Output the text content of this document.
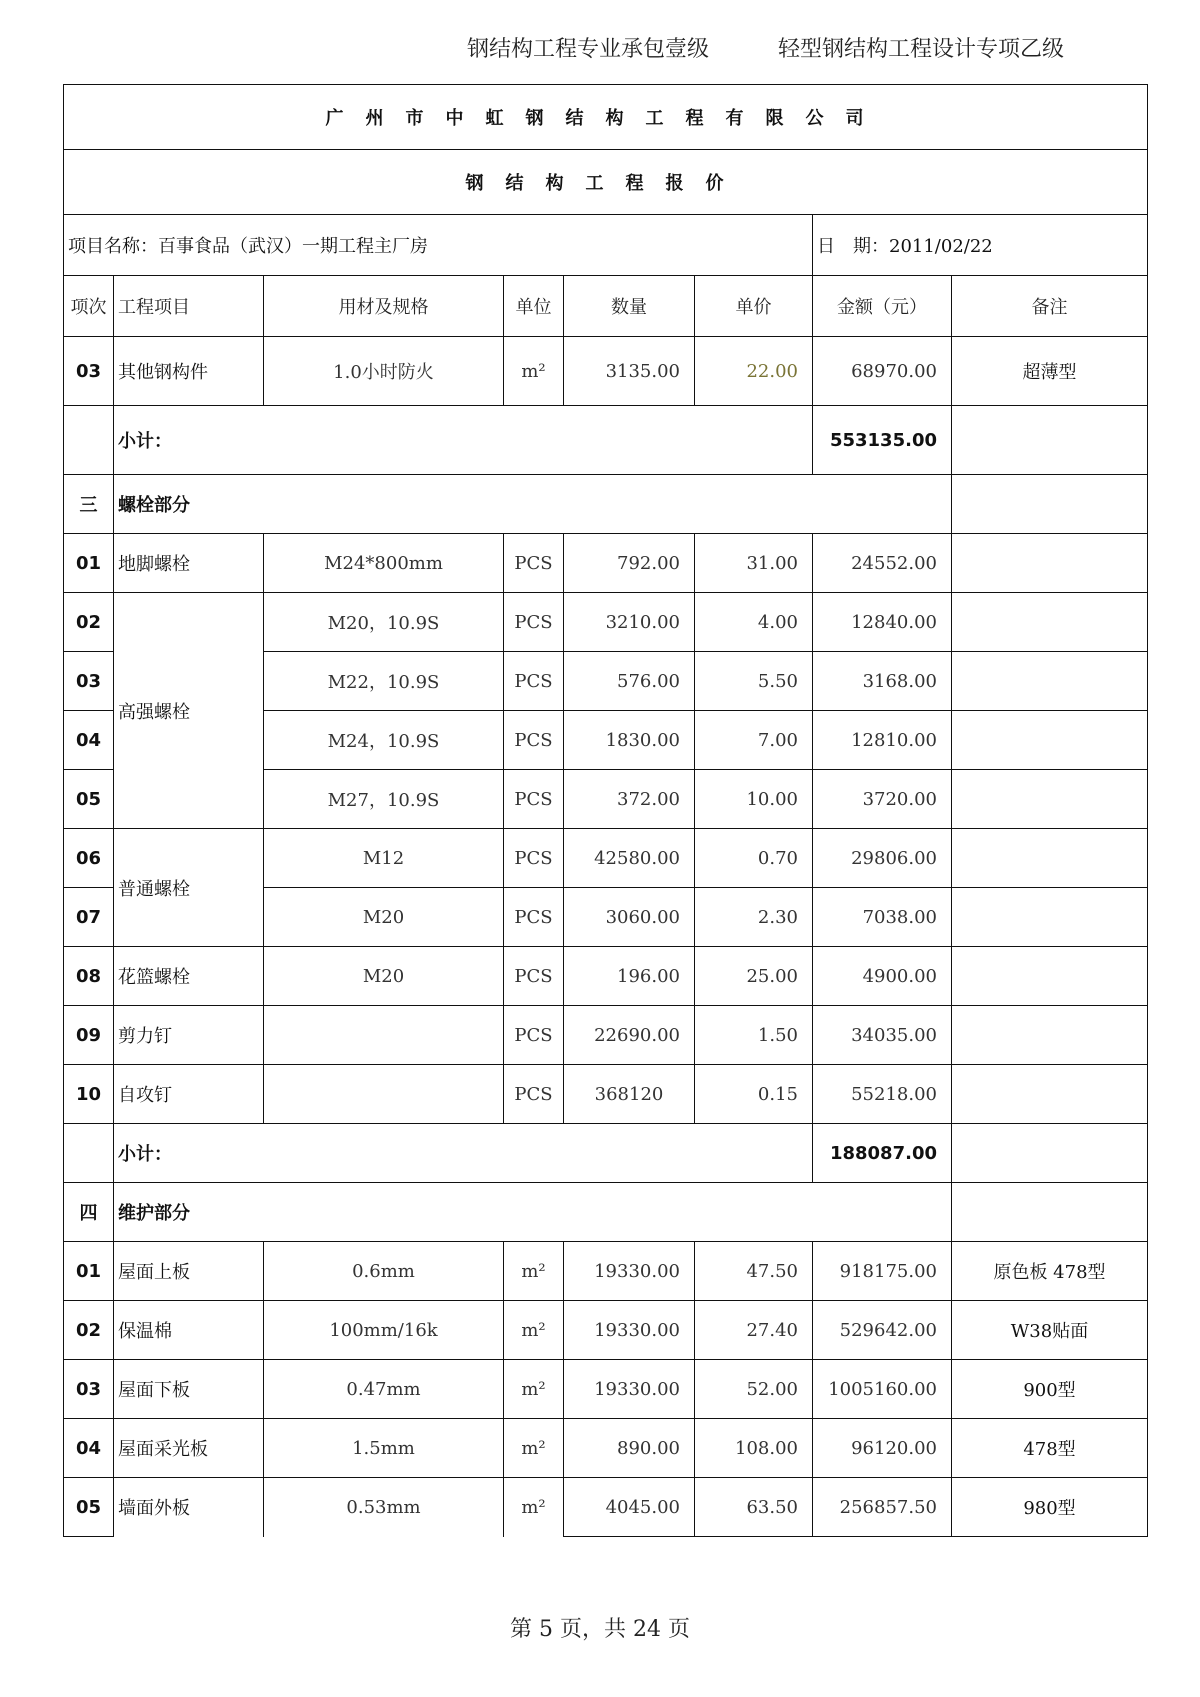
钢结构工程专业承包壹级	轻型钢结构工程设计专项乙级
广州市中虹钢结构工程有限公司							
钢结构工程报价							
项目名称：百事食品（武汉）一期工程主厂房						日　期：2011/02/22	
项次	工程项目	用材及规格	单位	数量	单价	金额（元）	备注
03	其他钢构件	1.0小时防火	m²	3135.00	22.00	68970.00	超薄型
	小计：					553135.00	
三	螺栓部分						
01	地脚螺栓	M24*800mm	PCS	792.00	31.00	24552.00	
02	高强螺栓	M20，10.9S	PCS	3210.00	4.00	12840.00	
03		M22，10.9S	PCS	576.00	5.50	3168.00	
04		M24，10.9S	PCS	1830.00	7.00	12810.00	
05		M27，10.9S	PCS	372.00	10.00	3720.00	
06	普通螺栓	M12	PCS	42580.00	0.70	29806.00	
07		M20	PCS	3060.00	2.30	7038.00	
08	花篮螺栓	M20	PCS	196.00	25.00	4900.00	
09	剪力钉		PCS	22690.00	1.50	34035.00	
10	自攻钉		PCS	368120	0.15	55218.00	
	小计：					188087.00	
四	维护部分						
01	屋面上板	0.6mm	m²	19330.00	47.50	918175.00	原色板 478型
02	保温棉	100mm/16k	m²	19330.00	27.40	529642.00	W38贴面
03	屋面下板	0.47mm	m²	19330.00	52.00	1005160.00	900型
04	屋面采光板	1.5mm	m²	890.00	108.00	96120.00	478型
05	墙面外板	0.53mm	m²	4045.00	63.50	256857.50	980型
第 5 页，共 24 页
